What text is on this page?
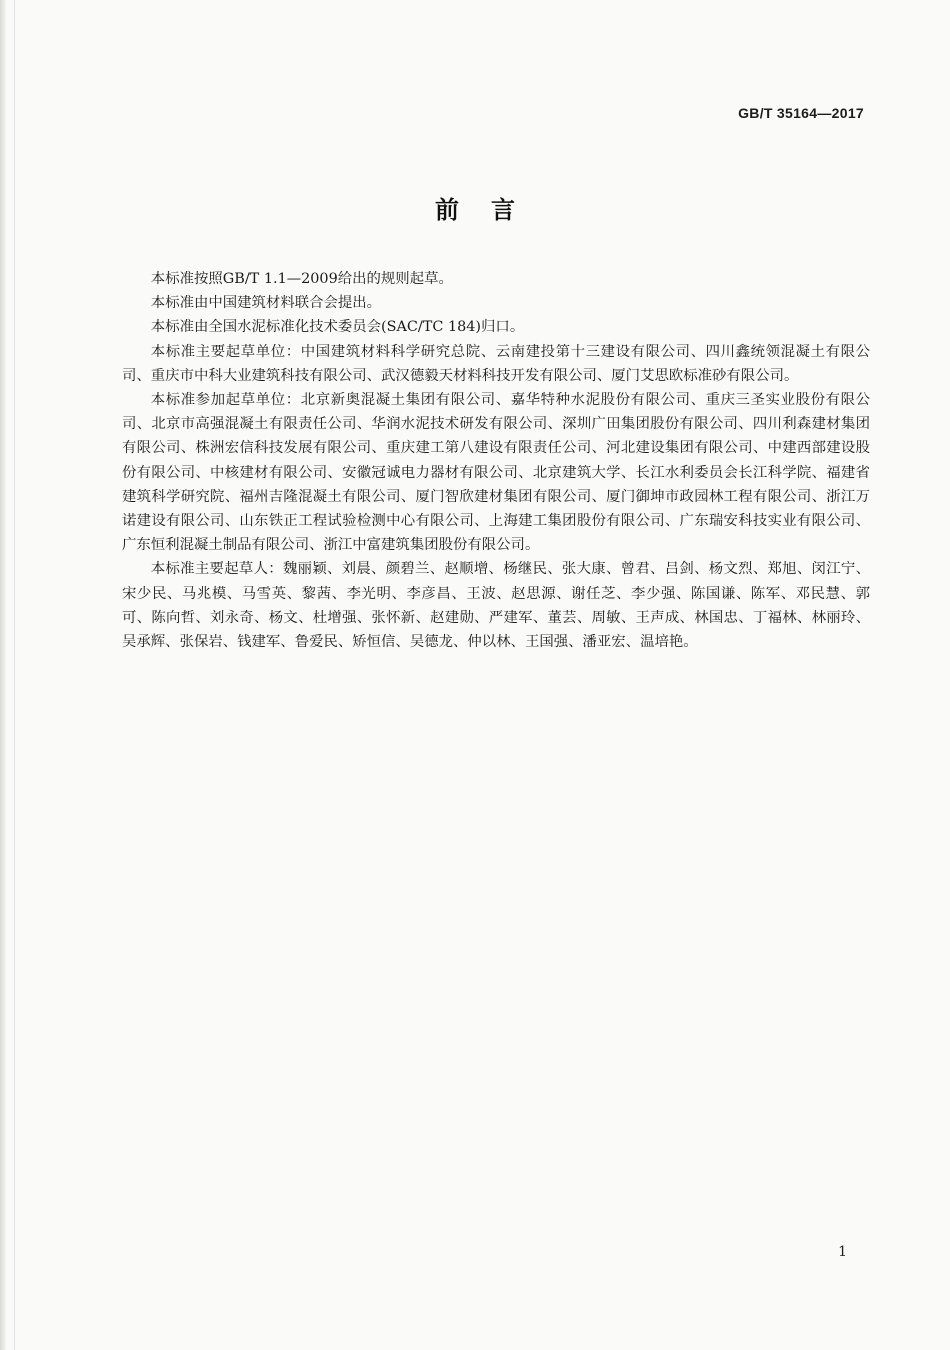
GB/T 35164—2017
前言

本标准按照GB/T 1.1—2009给出的规则起草。

本标准由中国建筑材料联合会提出。

本标准由全国水泥标准化技术委员会(SAC/TC 184)归口。

本标准主要起草单位：中国建筑材料科学研究总院、云南建投第十三建设有限公司、四川鑫统领混凝土有限公司、重庆市中科大业建筑科技有限公司、武汉德毅天材料科技开发有限公司、厦门艾思欧标准砂有限公司。

本标准参加起草单位：北京新奥混凝土集团有限公司、嘉华特种水泥股份有限公司、重庆三圣实业股份有限公司、北京市高强混凝土有限责任公司、华润水泥技术研发有限公司、深圳广田集团股份有限公司、四川利森建材集团有限公司、株洲宏信科技发展有限公司、重庆建工第八建设有限责任公司、河北建设集团有限公司、中建西部建设股份有限公司、中核建材有限公司、安徽冠诚电力器材有限公司、北京建筑大学、长江水利委员会长江科学院、福建省建筑科学研究院、福州吉隆混凝土有限公司、厦门智欣建材集团有限公司、厦门御坤市政园林工程有限公司、浙江万诺建设有限公司、山东铁正工程试验检测中心有限公司、上海建工集团股份有限公司、广东瑞安科技实业有限公司、广东恒利混凝土制品有限公司、浙江中富建筑集团股份有限公司。

本标准主要起草人：魏丽颖、刘晨、颜碧兰、赵顺增、杨继民、张大康、曾君、吕剑、杨文烈、郑旭、闵江宁、宋少民、马兆模、马雪英、黎茜、李光明、李彦昌、王波、赵思源、谢任芝、李少强、陈国谦、陈军、邓民慧、郭可、陈向哲、刘永奇、杨文、杜增强、张怀新、赵建勋、严建军、董芸、周敏、王声成、林国忠、丁福林、林丽玲、吴承辉、张保岩、钱建军、鲁爱民、矫恒信、吴德龙、仲以林、王国强、潘亚宏、温培艳。

1
